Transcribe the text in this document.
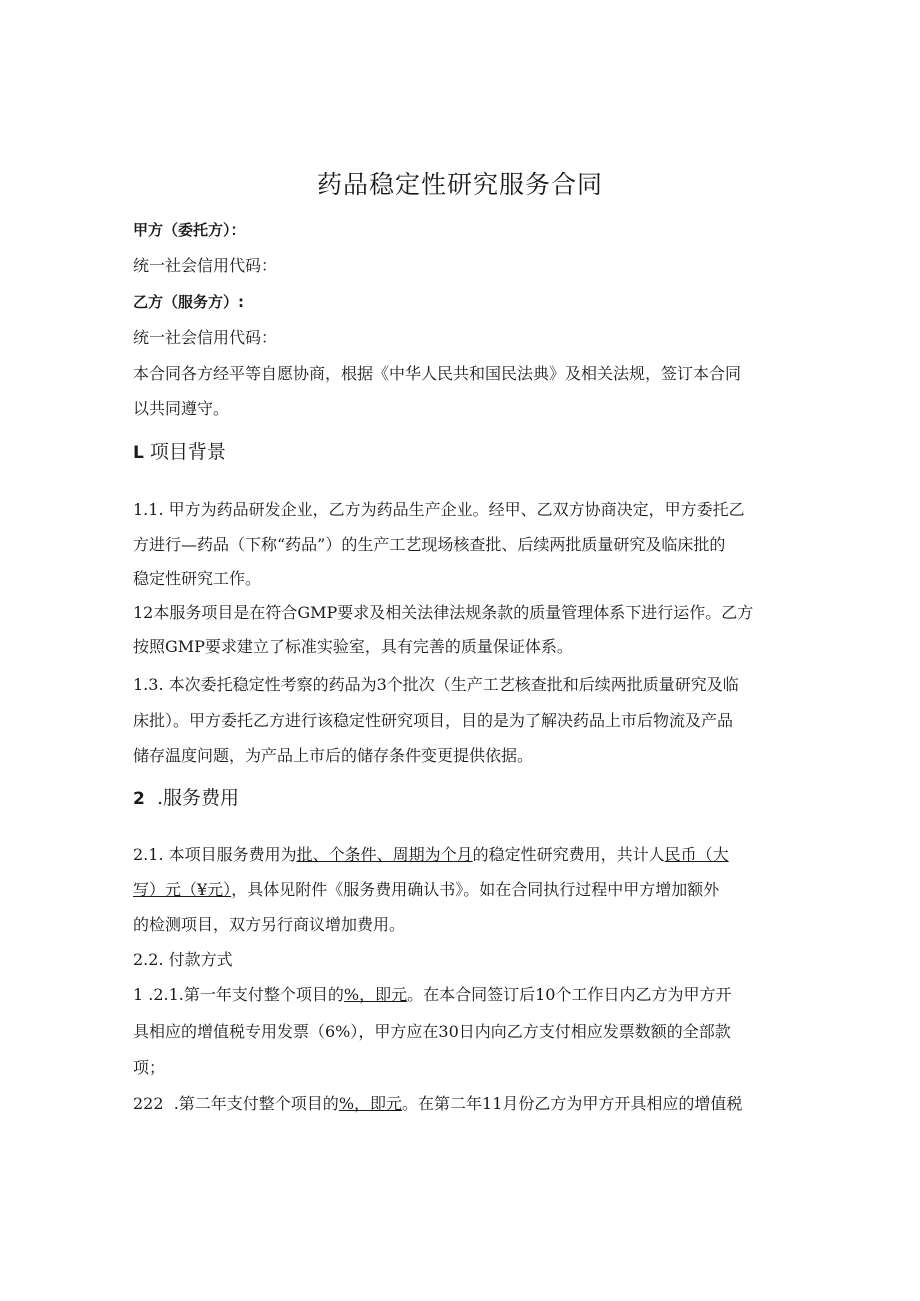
药品稳定性研究服务合同
甲方（委托方）：
统一社会信用代码：
乙方（服务方）:
统一社会信用代码：
本合同各方经平等自愿协商，根据《中华人民共和国民法典》及相关法规，签订本合同
以共同遵守。
L 项目背景
1.1. 甲方为药品研发企业，乙方为药品生产企业。经甲、乙双方协商决定，甲方委托乙
方进行—药品（下称“药品”）的生产工艺现场核查批、后续两批质量研究及临床批的
稳定性研究工作。
12本服务项目是在符合GMP要求及相关法律法规条款的质量管理体系下进行运作。乙方
按照GMP要求建立了标准实验室，具有完善的质量保证体系。
1.3. 本次委托稳定性考察的药品为3个批次（生产工艺核查批和后续两批质量研究及临
床批）。甲方委托乙方进行该稳定性研究项目，目的是为了解决药品上市后物流及产品
储存温度问题，为产品上市后的储存条件变更提供依据。
2 .服务费用
2.1. 本项目服务费用为批、个条件、周期为个月的稳定性研究费用，共计人民币（大
写）元（¥元），具体见附件《服务费用确认书》。如在合同执行过程中甲方增加额外
的检测项目，双方另行商议增加费用。
2.2. 付款方式
1 .2.1.第一年支付整个项目的%，即元。在本合同签订后10个工作日内乙方为甲方开
具相应的增值税专用发票（6%），甲方应在30日内向乙方支付相应发票数额的全部款
项；
222  .第二年支付整个项目的%，即元。在第二年11月份乙方为甲方开具相应的增值税
